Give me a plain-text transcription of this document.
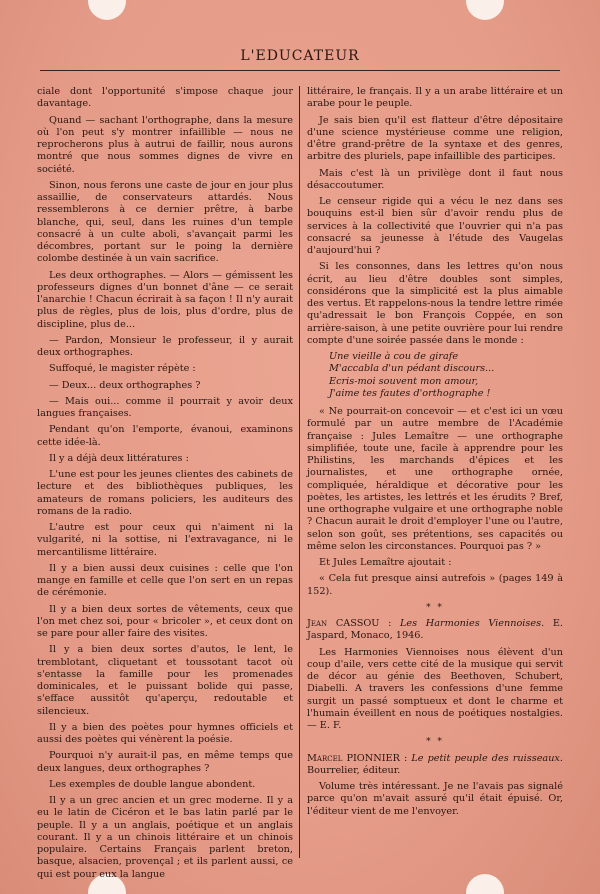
L'EDUCATEUR

ciale dont l'opportunité s'impose chaque jour davantage.

Quand — sachant l'orthographe, dans la mesure où l'on peut s'y montrer infaillible — nous ne reprocherons plus à autrui de faillir, nous aurons montré que nous sommes dignes de vivre en société.

Sinon, nous ferons une caste de jour en jour plus assaillie, de conservateurs attardés. Nous ressemblerons à ce dernier prêtre, à barbe blanche, qui, seul, dans les ruines d'un temple consacré à un culte aboli, s'avançait parmi les décombres, portant sur le poing la dernière colombe destinée à un vain sacrifice.

Les deux orthographes. — Alors — gémissent les professeurs dignes d'un bonnet d'âne — ce serait l'anarchie ! Chacun écrirait à sa façon ! Il n'y aurait plus de règles, plus de lois, plus d'ordre, plus de discipline, plus de...

— Pardon, Monsieur le professeur, il y aurait deux orthographes.

Suffoqué, le magister répète :

— Deux... deux orthographes ?

— Mais oui... comme il pourrait y avoir deux langues françaises.

Pendant qu'on l'emporte, évanoui, examinons cette idée-là.

Il y a déjà deux littératures :

L'une est pour les jeunes clientes des cabinets de lecture et des bibliothèques publiques, les amateurs de romans policiers, les auditeurs des romans de la radio.

L'autre est pour ceux qui n'aiment ni la vulgarité, ni la sottise, ni l'extravagance, ni le mercantilisme littéraire.

Il y a bien aussi deux cuisines : celle que l'on mange en famille et celle que l'on sert en un repas de cérémonie.

Il y a bien deux sortes de vêtements, ceux que l'on met chez soi, pour « bricoler », et ceux dont on se pare pour aller faire des visites.

Il y a bien deux sortes d'autos, le lent, le tremblotant, cliquetant et toussotant tacot où s'entasse la famille pour les promenades dominicales, et le puissant bolide qui passe, s'efface aussitôt qu'aperçu, redoutable et silencieux.

Il y a bien des poètes pour hymnes officiels et aussi des poètes qui vénèrent la poésie.

Pourquoi n'y aurait-il pas, en même temps que deux langues, deux orthographes ?

Les exemples de double langue abondent.

Il y a un grec ancien et un grec moderne. Il y a eu le latin de Cicéron et le bas latin parlé par le peuple. Il y a un anglais, poétique et un anglais courant. Il y a un chinois littéraire et un chinois populaire. Certains Français parlent breton, basque, alsacien, provençal ; et ils parlent aussi, ce qui est pour eux la langue

littéraire, le français. Il y a un arabe littéraire et un arabe pour le peuple.

Je sais bien qu'il est flatteur d'être dépositaire d'une science mystérieuse comme une religion, d'être grand-prêtre de la syntaxe et des genres, arbitre des pluriels, pape infaillible des participes.

Mais c'est là un privilège dont il faut nous désaccoutumer.

Le censeur rigide qui a vécu le nez dans ses bouquins est-il bien sûr d'avoir rendu plus de services à la collectivité que l'ouvrier qui n'a pas consacré sa jeunesse à l'étude des Vaugelas d'aujourd'hui ?

Si les consonnes, dans les lettres qu'on nous écrit, au lieu d'être doubles sont simples, considérons que la simplicité est la plus aimable des vertus. Et rappelons-nous la tendre lettre rimée qu'adressait le bon François Coppée, en son arrière-saison, à une petite ouvrière pour lui rendre compte d'une soirée passée dans le monde :

Une vieille à cou de girafe
M'accabla d'un pédant discours...
Ecris-moi souvent mon amour,
J'aime tes fautes d'orthographe !

« Ne pourrait-on concevoir — et c'est ici un vœu formulé par un autre membre de l'Académie française : Jules Lemaître — une orthographe simplifiée, toute une, facile à apprendre pour les Philistins, les marchands d'épices et les journalistes, et une orthographe ornée, compliquée, héraldique et décorative pour les poètes, les artistes, les lettrés et les érudits ? Bref, une orthographe vulgaire et une orthographe noble ? Chacun aurait le droit d'employer l'une ou l'autre, selon son goût, ses prétentions, ses capacités ou même selon les circonstances. Pourquoi pas ? »

Et Jules Lemaître ajoutait :

« Cela fut presque ainsi autrefois » (pages 149 à 152).

* *

Jean CASSOU : Les Harmonies Viennoises. E. Jaspard, Monaco, 1946.

Les Harmonies Viennoises nous élèvent d'un coup d'aile, vers cette cité de la musique qui servit de décor au génie des Beethoven, Schubert, Diabelli. A travers les confessions d'une femme surgit un passé somptueux et dont le charme et l'humain éveillent en nous de poétiques nostalgies. — E. F.

* *

Marcel PIONNIER : Le petit peuple des ruisseaux. Bourrelier, éditeur.

Volume très intéressant. Je ne l'avais pas signalé parce qu'on m'avait assuré qu'il était épuisé. Or, l'éditeur vient de me l'envoyer.
